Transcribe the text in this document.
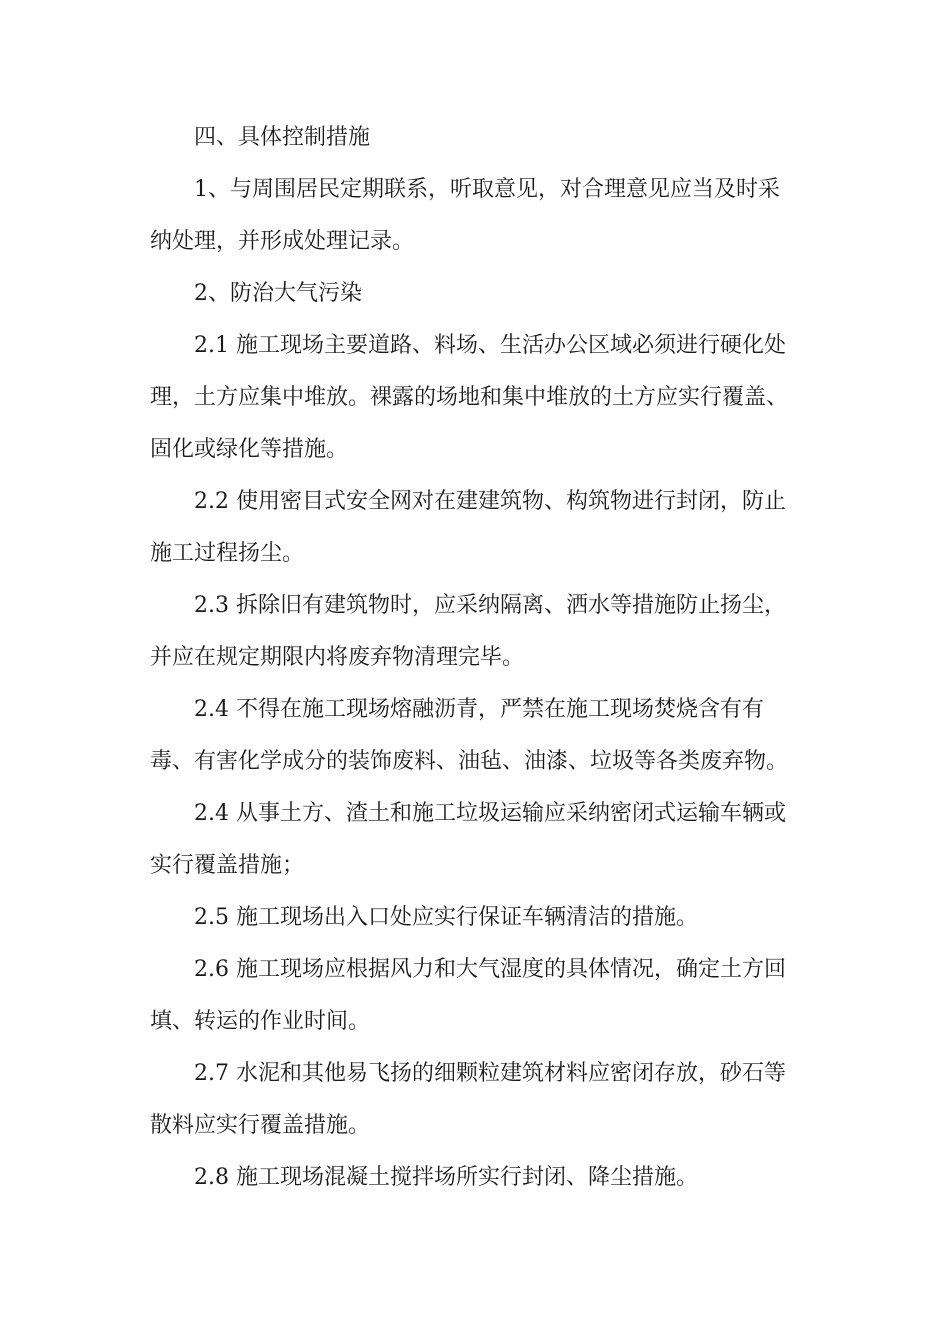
四、具体控制措施

1、与周围居民定期联系，听取意见，对合理意见应当及时采
纳处理，并形成处理记录。

2、防治大气污染

2.1 施工现场主要道路、料场、生活办公区域必须进行硬化处
理，土方应集中堆放。裸露的场地和集中堆放的土方应实行覆盖、
固化或绿化等措施。

2.2 使用密目式安全网对在建建筑物、构筑物进行封闭，防止
施工过程扬尘。

2.3 拆除旧有建筑物时，应采纳隔离、洒水等措施防止扬尘，
并应在规定期限内将废弃物清理完毕。

2.4 不得在施工现场熔融沥青，严禁在施工现场焚烧含有有
毒、有害化学成分的装饰废料、油毡、油漆、垃圾等各类废弃物。

2.4 从事土方、渣土和施工垃圾运输应采纳密闭式运输车辆或
实行覆盖措施；

2.5 施工现场出入口处应实行保证车辆清洁的措施。

2.6 施工现场应根据风力和大气湿度的具体情况，确定土方回
填、转运的作业时间。

2.7 水泥和其他易飞扬的细颗粒建筑材料应密闭存放，砂石等
散料应实行覆盖措施。

2.8 施工现场混凝土搅拌场所实行封闭、降尘措施。
